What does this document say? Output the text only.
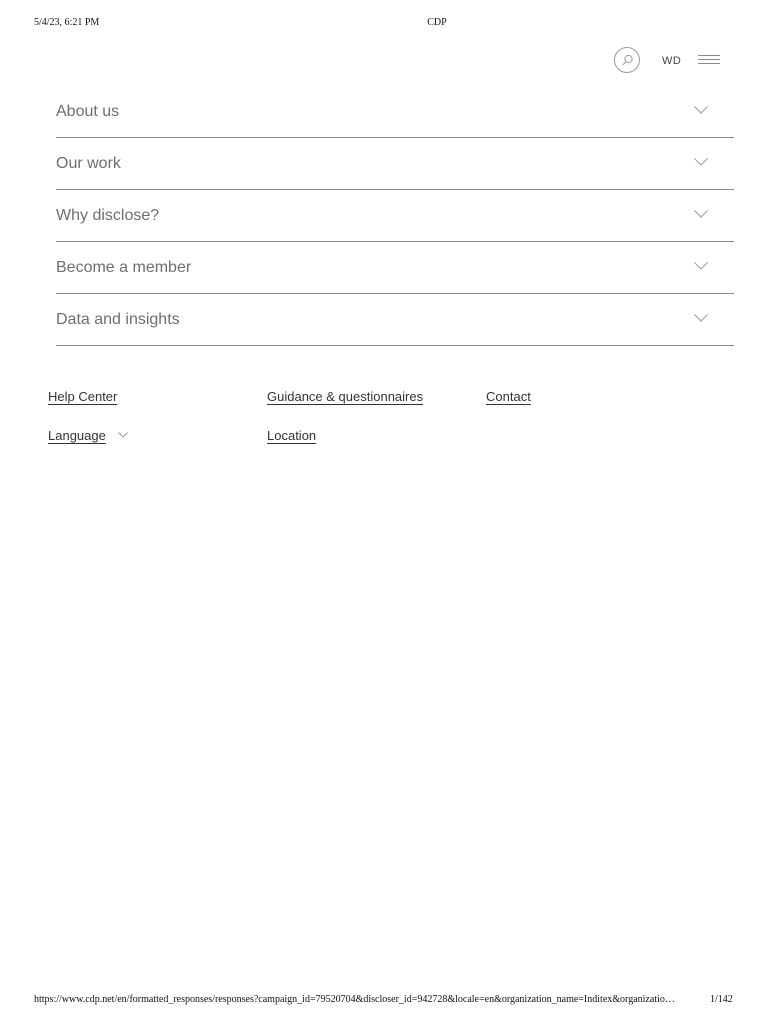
5/4/23, 6:21 PM	CDP
WD
About us
Our work
Why disclose?
Become a member
Data and insights
Help Center	Guidance & questionnaires	Contact
Language	Location
https://www.cdp.net/en/formatted_responses/responses?campaign_id=79520704&discloser_id=942728&locale=en&organization_name=Inditex&organizatio…	1/142
